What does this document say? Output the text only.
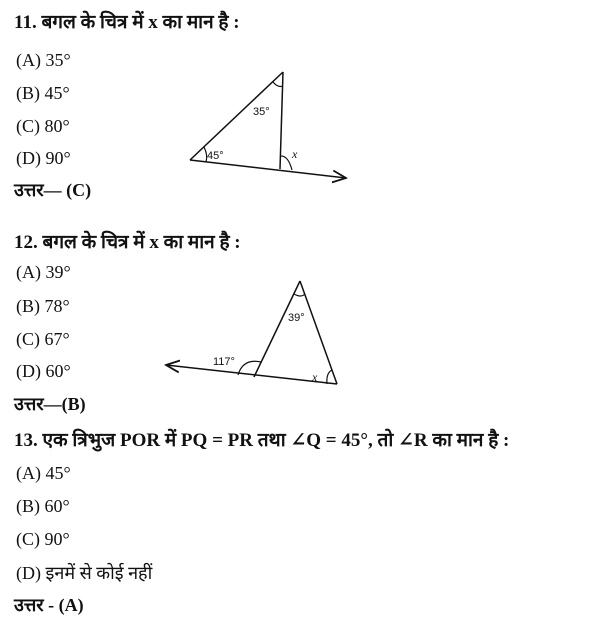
11. बगल के चित्र में x का मान है :
(A) 35°
(B) 45°
(C) 80°
(D) 90°
उत्तर— (C)
35°
45°	x
12. बगल के चित्र में x का मान है :
(A) 39°
(B) 78°
(C) 67°
(D) 60°
उत्तर—(B)
39°
117°
x
13. एक त्रिभुज POR में PQ = PR तथा ∠Q = 45°, तो ∠R का मान है :
(A) 45°
(B) 60°
(C) 90°
(D) इनमें से कोई नहीं
उत्तर - (A)
